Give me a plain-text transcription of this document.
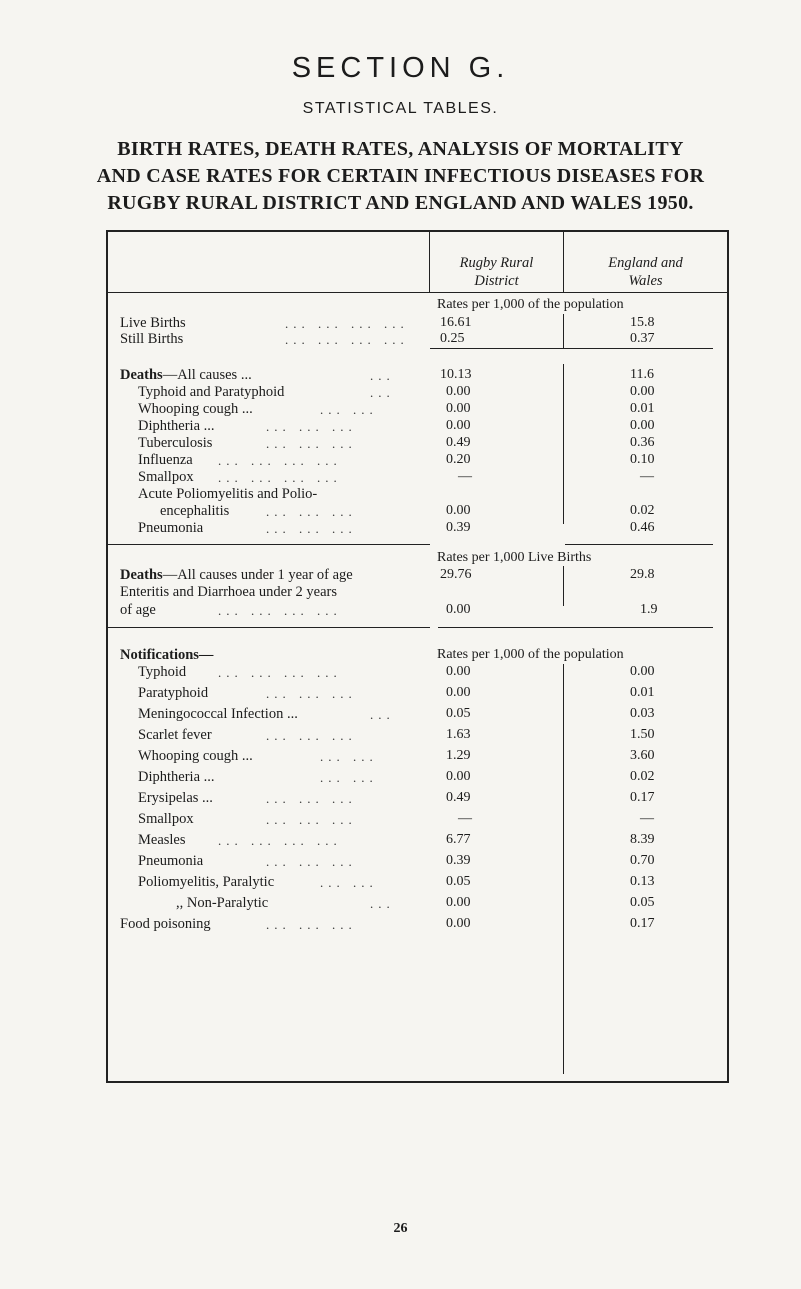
SECTION G.
STATISTICAL TABLES.
BIRTH RATES, DEATH RATES, ANALYSIS OF MORTALITY
AND CASE RATES FOR CERTAIN INFECTIOUS DISEASES FOR
RUGBY RURAL DISTRICT AND ENGLAND AND WALES 1950.
Rugby Rural
District
England and
Wales
Rates per 1,000 of the population
Live Births	... ... ... ... 16.61	15.8
Still Births	... ... ... ... 0.25	0.37
Deaths—All causes ...	...	10.13	11.6
Typhoid and Paratyphoid	...	0.00	0.00
Whooping cough ...	... ...	0.00	0.01
Diphtheria ...	... ... ...	0.00	0.00
Tuberculosis	... ... ...	0.49	0.36
Influenza ... ... ... ...	0.20	0.10
Smallpox ... ... ... ...	—	—
Acute Poliomyelitis and Polio-
encephalitis	... ... ...	0.00	0.02
Pneumonia	... ... ...	0.39	0.46
Rates per 1,000 Live Births
Deaths—All causes under 1 year of age	29.76	29.8
Enteritis and Diarrhoea under 2 years
of age	... ... ... ...	0.00	1.9
Notifications—	Rates per 1,000 of the population
Typhoid ... ... ... ...	0.00	0.00
Paratyphoid	... ... ...	0.00	0.01
Meningococcal Infection ...	...	0.05	0.03
Scarlet fever	... ... ...	1.63	1.50
Whooping cough ...	... ...	1.29	3.60
Diphtheria ...	... ...	0.00	0.02
Erysipelas ...	... ... ...	0.49	0.17
Smallpox	... ... ...	—	—
Measles ... ... ... ...	6.77	8.39
Pneumonia	... ... ...	0.39	0.70
Poliomyelitis, Paralytic	... ...	0.05	0.13
,, Non-Paralytic	...	0.00	0.05
Food poisoning	... ... ...	0.00	0.17
26
